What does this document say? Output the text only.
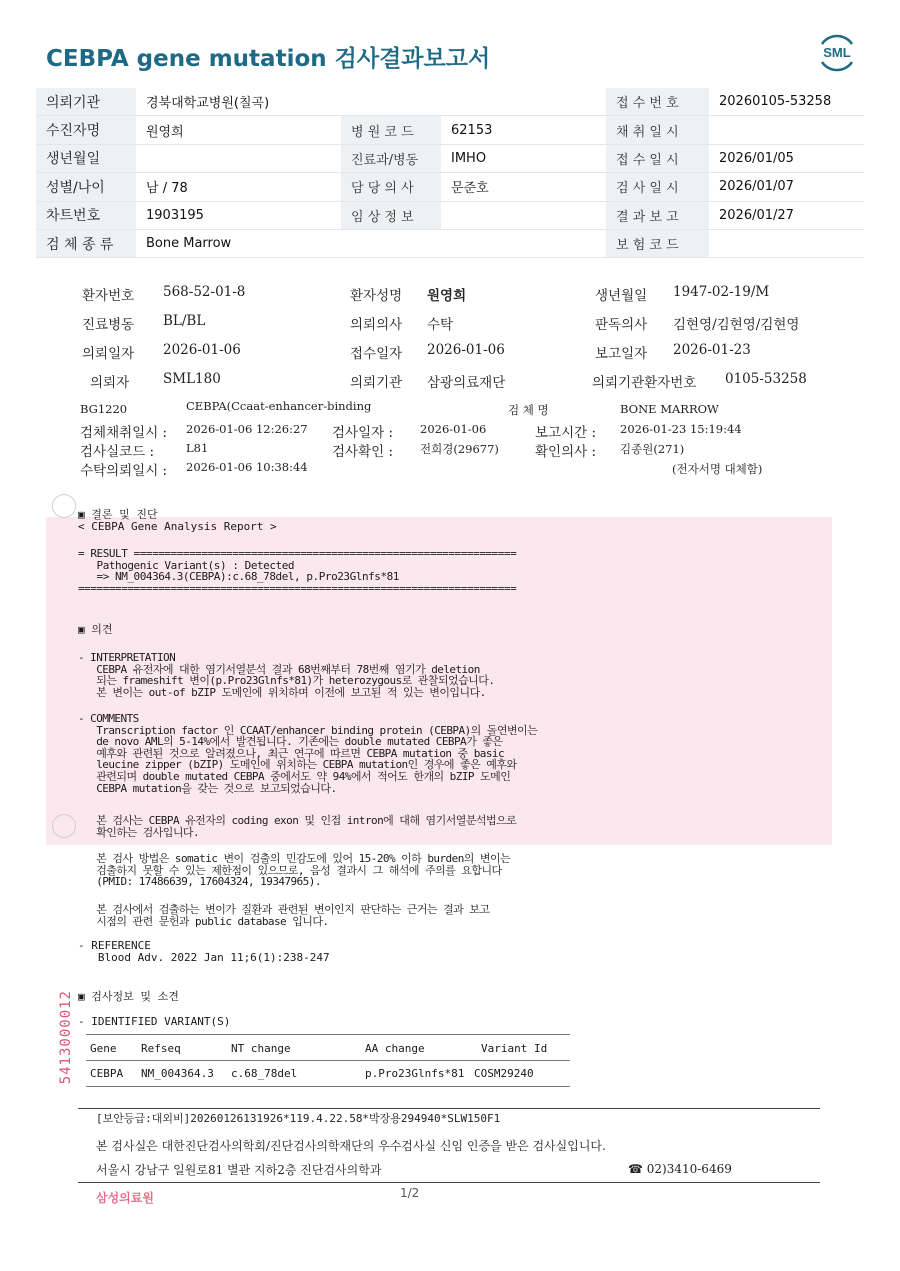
CEBPA gene mutation 검사결과보고서	SML
의뢰기관	경북대학교병원(칠곡)			접 수 번 호	20260105-53258
수진자명	원영희	병 원 코 드	62153	채 취 일 시	
생년월일		진료과/병동	IMHO	접 수 일 시	2026/01/05
성별/나이	남 / 78	담 당 의 사	문준호	검 사 일 시	2026/01/07
차트번호	1903195	임 상 정 보		결 과 보 고	2026/01/27
검 체 종 류	Bone Marrow			보 험 코 드	
환자번호 568-52-01-8	환자성명 원영희	생년월일 1947-02-19/M
진료병동 BL/BL	의뢰의사 수탁	판독의사 김현영/김현영/김현영
의뢰일자 2026-01-06	접수일자 2026-01-06	보고일자 2026-01-23
의뢰자	SML180	의뢰기관 삼광의료재단	의뢰기관환자번호 0105-53258
BG1220	CEBPA(Ccaat-enhancer-binding	검 체 명	BONE MARROW
검체채취일시 : 2026-01-06 12:26:27 검사일자 : 2026-01-06	보고시간 : 2026-01-23 15:19:44
검사실코드 :	L81	검사확인 : 전희경(29677)	확인의사 : 김종원(271)
수탁의뢰일시 : 2026-01-06 10:38:44	(전자서명 대체함)
▣ 결론 및 진단
< CEBPA Gene Analysis Report >
= RESULT ==============================================================
Pathogenic Variant(s) : Detected
=> NM_004364.3(CEBPA):c.68_78del, p.Pro23Glnfs*81
=======================================================================
▣ 의견
- INTERPRETATION
CEBPA 유전자에 대한 염기서열분석 결과 68번째부터 78번째 염기가 deletion
되는 frameshift 변이(p.Pro23Glnfs*81)가 heterozygous로 관찰되었습니다.
본 변이는 out-of bZIP 도메인에 위치하며 이전에 보고된 적 있는 변이입니다.
- COMMENTS
Transcription factor 인 CCAAT/enhancer binding protein (CEBPA)의 돌연변이는
de novo AML의 5-14%에서 발견됩니다. 기존에는 double mutated CEBPA가 좋은
예후와 관련된 것으로 알려졌으나, 최근 연구에 따르면 CEBPA mutation 중 basic
leucine zipper (bZIP) 도메인에 위치하는 CEBPA mutation인 경우에 좋은 예후와
관련되며 double mutated CEBPA 중에서도 약 94%에서 적어도 한개의 bZIP 도메인
CEBPA mutation을 갖는 것으로 보고되었습니다.
본 검사는 CEBPA 유전자의 coding exon 및 인접 intron에 대해 염기서열분석법으로
확인하는 검사입니다.
본 검사 방법은 somatic 변이 검출의 민감도에 있어 15-20% 이하 burden의 변이는
검출하지 못할 수 있는 제한점이 있으므로, 음성 결과시 그 해석에 주의를 요합니다
(PMID: 17486639, 17604324, 19347965).
본 검사에서 검출하는 변이가 질환과 관련된 변이인지 판단하는 근거는 결과 보고
시점의 관련 문헌과 public database 입니다.
- REFERENCE
Blood Adv. 2022 Jan 11;6(1):238-247
▣ 검사정보 및 소견
- IDENTIFIED VARIANT(S)
Gene Refseq	NT change	AA change	Variant Id
CEBPA NM_004364.3 c.68_78del	p.Pro23Glnfs*81 COSM29240
5413000012
[보안등급:대외비]20260126131926*119.4.22.58*박장용294940*SLW150F1
본 검사실은 대한진단검사의학회/진단검사의학재단의 우수검사실 신임 인증을 받은 검사실입니다.
서울시 강남구 일원로81 별관 지하2층 진단검사의학과	☎ 02)3410-6469
삼성의료원	1/2
